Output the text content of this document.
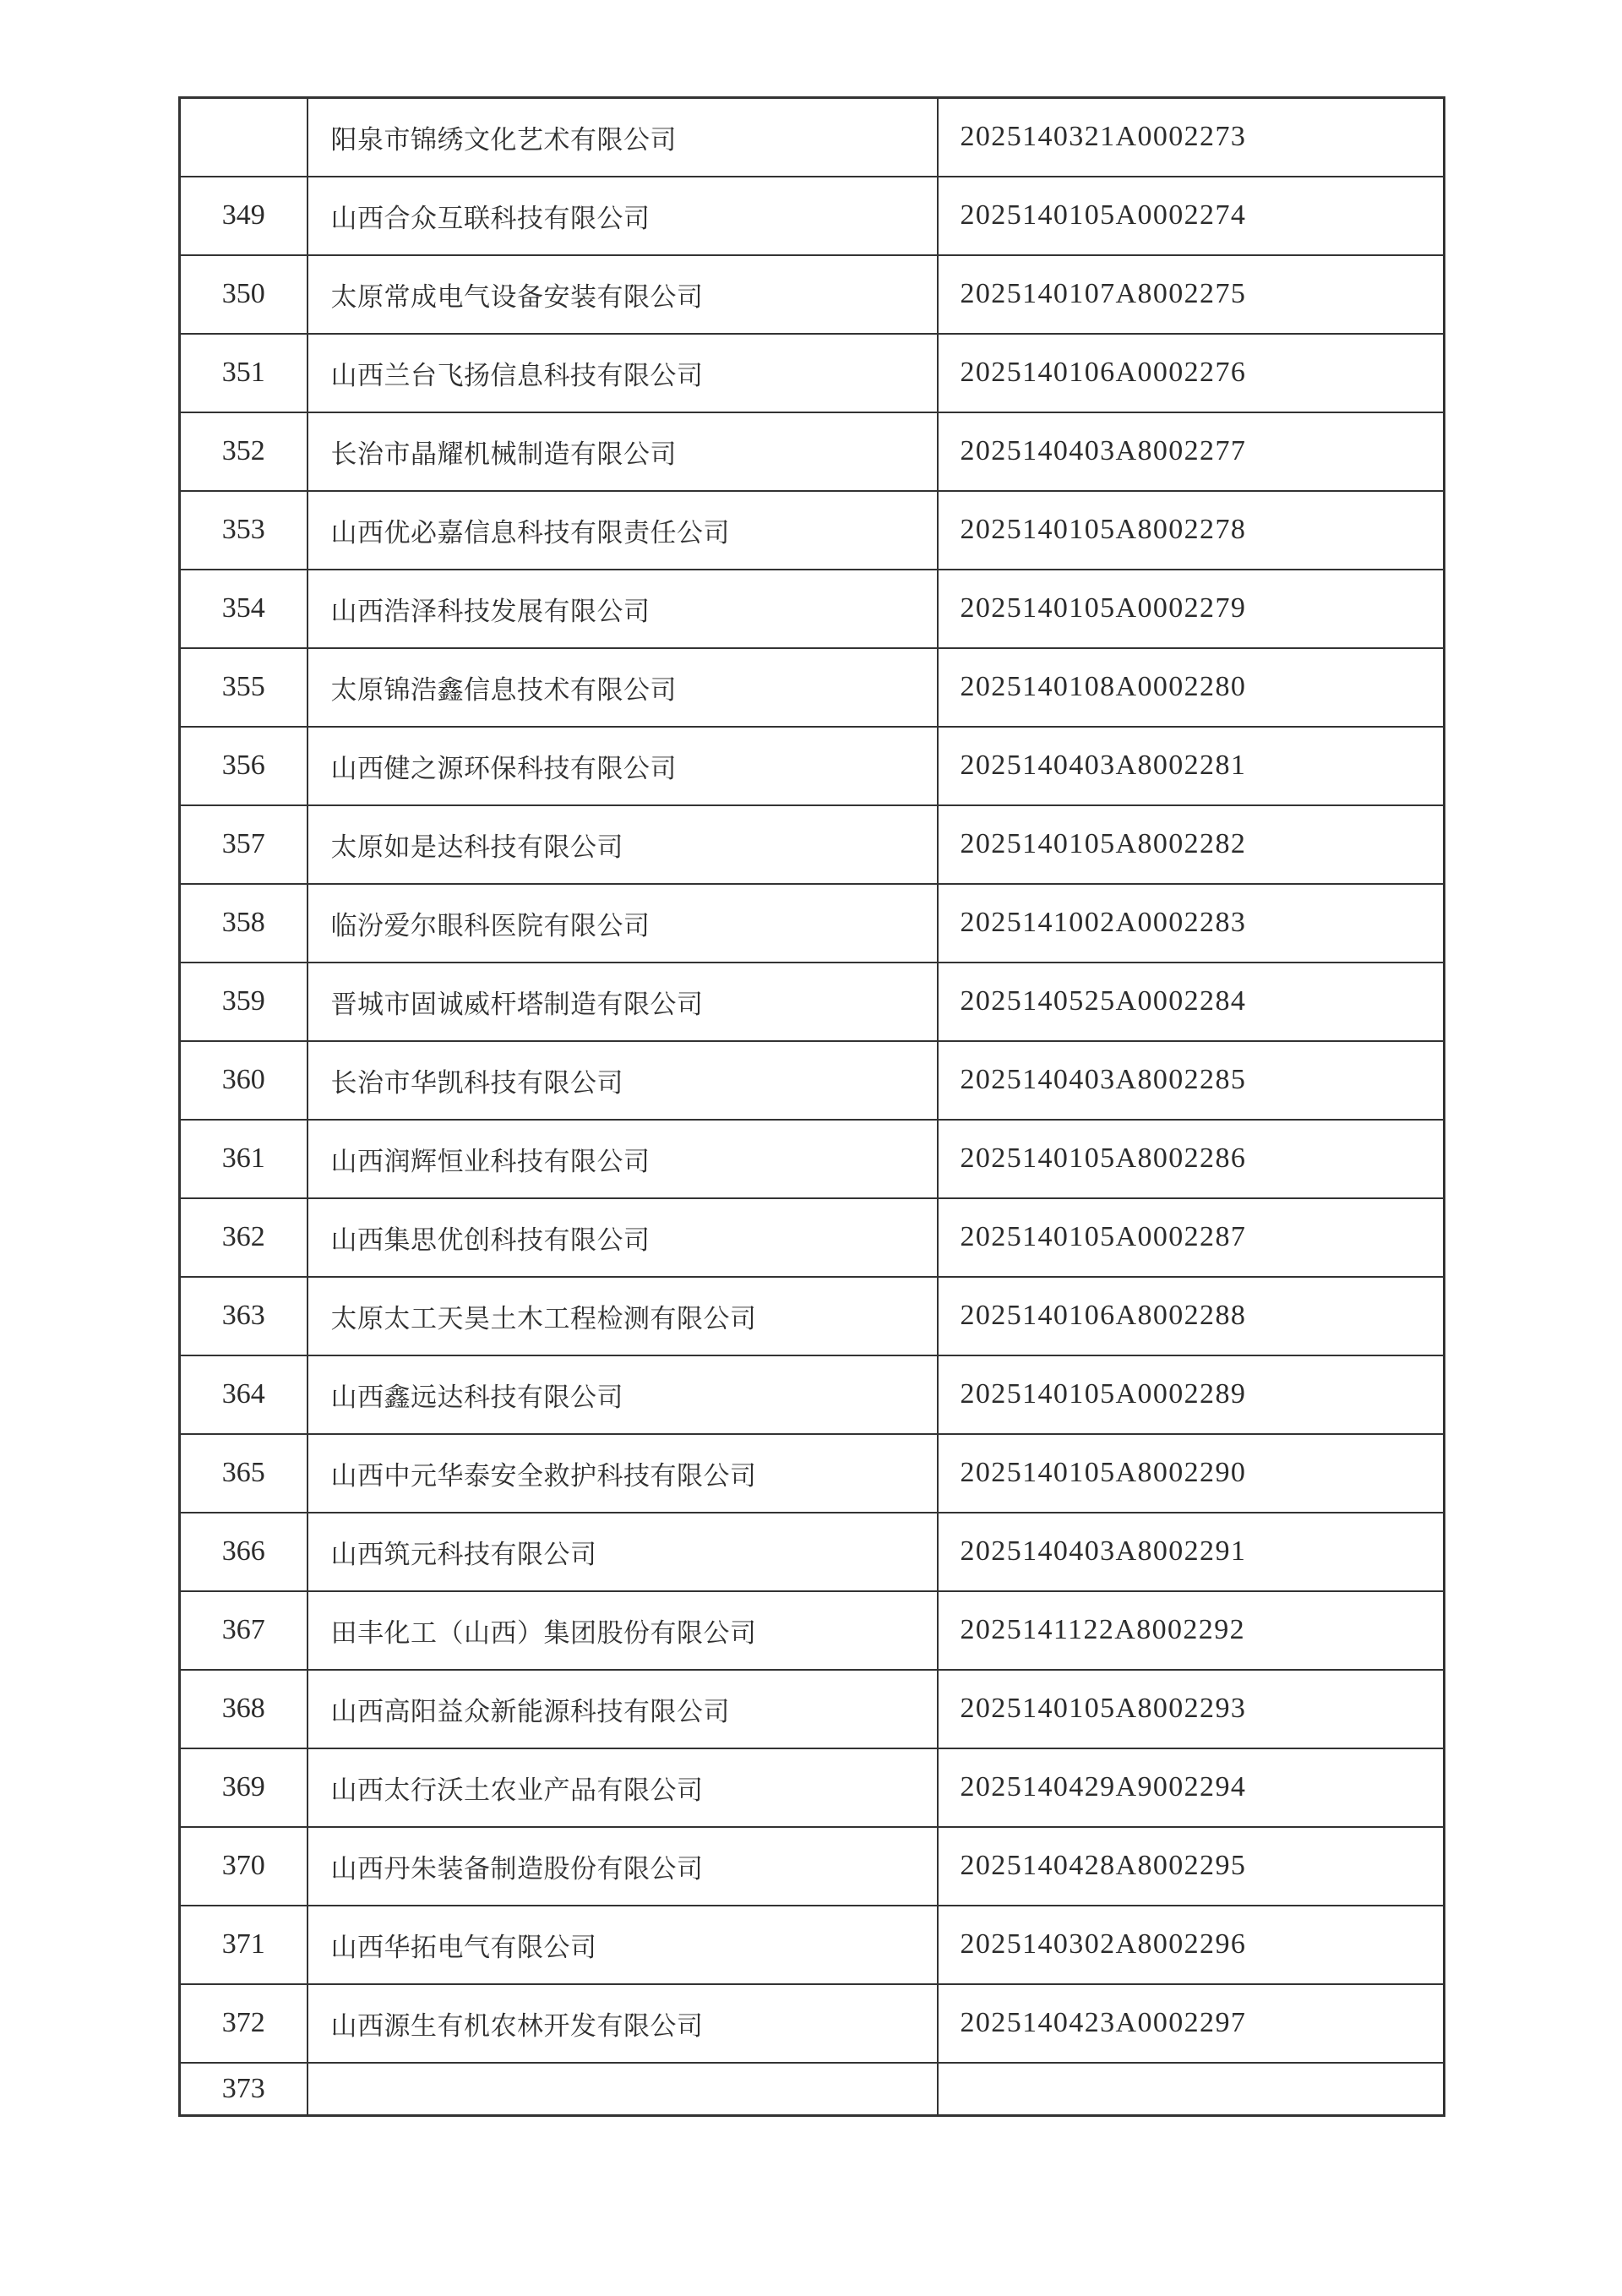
	阳泉市锦绣文化艺术有限公司	2025140321A0002273
349	山西合众互联科技有限公司	2025140105A0002274
350	太原常成电气设备安装有限公司	2025140107A8002275
351	山西兰台飞扬信息科技有限公司	2025140106A0002276
352	长治市晶耀机械制造有限公司	2025140403A8002277
353	山西优必嘉信息科技有限责任公司	2025140105A8002278
354	山西浩泽科技发展有限公司	2025140105A0002279
355	太原锦浩鑫信息技术有限公司	2025140108A0002280
356	山西健之源环保科技有限公司	2025140403A8002281
357	太原如是达科技有限公司	2025140105A8002282
358	临汾爱尔眼科医院有限公司	2025141002A0002283
359	晋城市固诚威杆塔制造有限公司	2025140525A0002284
360	长治市华凯科技有限公司	2025140403A8002285
361	山西润辉恒业科技有限公司	2025140105A8002286
362	山西集思优创科技有限公司	2025140105A0002287
363	太原太工天昊土木工程检测有限公司	2025140106A8002288
364	山西鑫远达科技有限公司	2025140105A0002289
365	山西中元华泰安全救护科技有限公司	2025140105A8002290
366	山西筑元科技有限公司	2025140403A8002291
367	田丰化工（山西）集团股份有限公司	2025141122A8002292
368	山西高阳益众新能源科技有限公司	2025140105A8002293
369	山西太行沃土农业产品有限公司	2025140429A9002294
370	山西丹朱装备制造股份有限公司	2025140428A8002295
371	山西华拓电气有限公司	2025140302A8002296
372	山西源生有机农林开发有限公司	2025140423A0002297
373		
